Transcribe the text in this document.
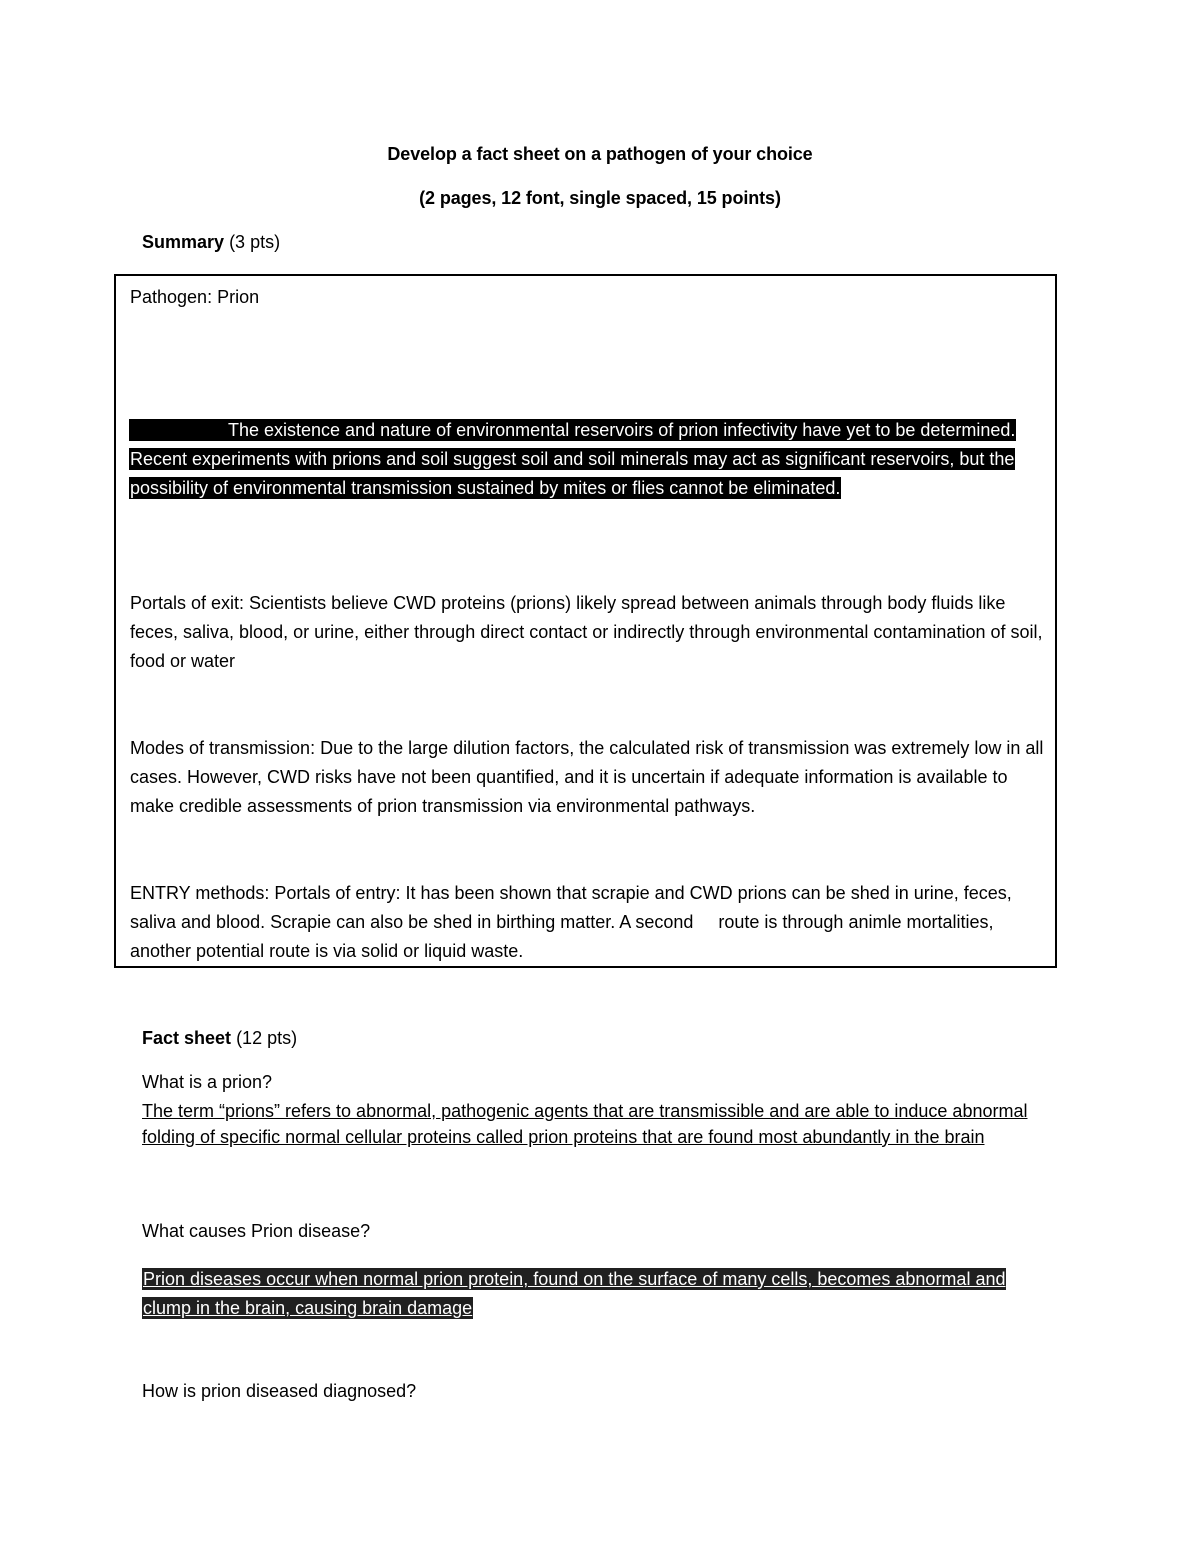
Develop a fact sheet on a pathogen of your choice
(2 pages, 12 font, single spaced, 15 points)
Summary (3 pts)
Pathogen: Prion
The existence and nature of environmental reservoirs of prion infectivity have yet to be determined. Recent experiments with prions and soil suggest soil and soil minerals may act as significant reservoirs, but the possibility of environmental transmission sustained by mites or flies cannot be eliminated.
Portals of exit: Scientists believe CWD proteins (prions) likely spread between animals through body fluids like feces, saliva, blood, or urine, either through direct contact or indirectly through environmental contamination of soil, food or water
Modes of transmission: Due to the large dilution factors, the calculated risk of transmission was extremely low in all cases. However, CWD risks have not been quantified, and it is uncertain if adequate information is available to make credible assessments of prion transmission via environmental pathways.
ENTRY methods: Portals of entry: It has been shown that scrapie and CWD prions can be shed in urine, feces, saliva and blood. Scrapie can also be shed in birthing matter. A second     route is through animle mortalities, another potential route is via solid or liquid waste.
Fact sheet (12 pts)
What is a prion?
The term “prions” refers to abnormal, pathogenic agents that are transmissible and are able to induce abnormal folding of specific normal cellular proteins called prion proteins that are found most abundantly in the brain
What causes Prion disease?
Prion diseases occur when normal prion protein, found on the surface of many cells, becomes abnormal and clump in the brain, causing brain damage
How is prion diseased diagnosed?
